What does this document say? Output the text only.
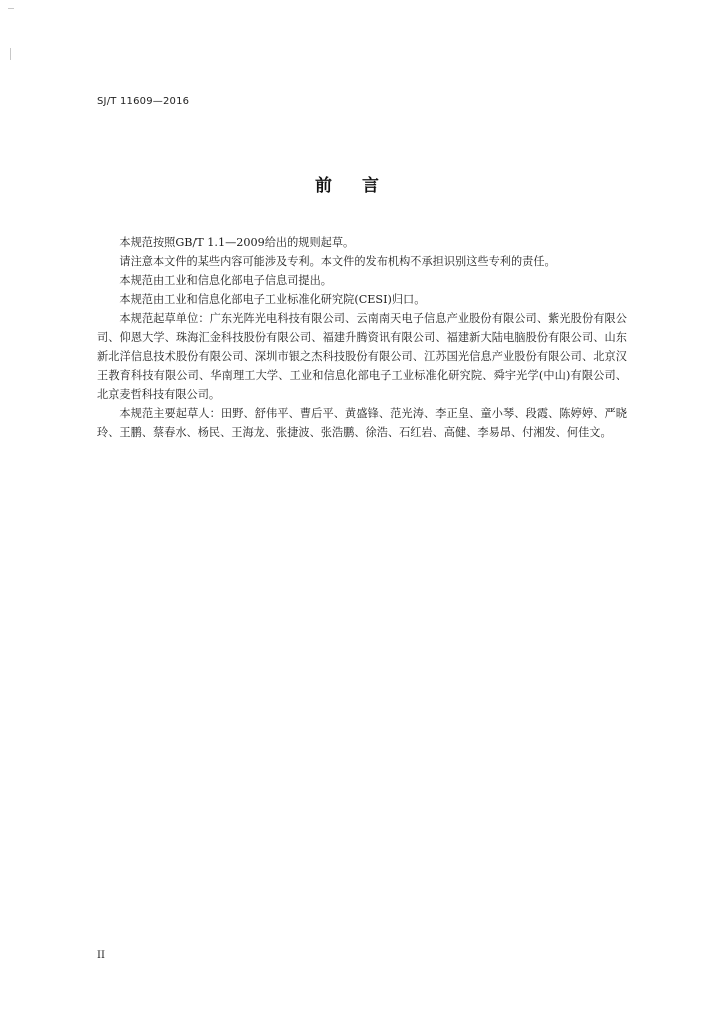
SJ/T 11609—2016
前言

本规范按照GB/T 1.1—2009给出的规则起草。

请注意本文件的某些内容可能涉及专利。本文件的发布机构不承担识别这些专利的责任。

本规范由工业和信息化部电子信息司提出。

本规范由工业和信息化部电子工业标准化研究院(CESI)归口。

本规范起草单位：广东光阵光电科技有限公司、云南南天电子信息产业股份有限公司、紫光股份有限公司、仰恩大学、珠海汇金科技股份有限公司、福建升腾资讯有限公司、福建新大陆电脑股份有限公司、山东新北洋信息技术股份有限公司、深圳市银之杰科技股份有限公司、江苏国光信息产业股份有限公司、北京汉王教育科技有限公司、华南理工大学、工业和信息化部电子工业标准化研究院、舜宇光学(中山)有限公司、北京麦哲科技有限公司。

本规范主要起草人：田野、舒伟平、曹后平、黄盛锋、范光涛、李正皇、童小琴、段霞、陈婷婷、严晓玲、王鹏、蔡春水、杨民、王海龙、张捷波、张浩鹏、徐浩、石红岩、高健、李易昂、付湘发、何佳文。

II
